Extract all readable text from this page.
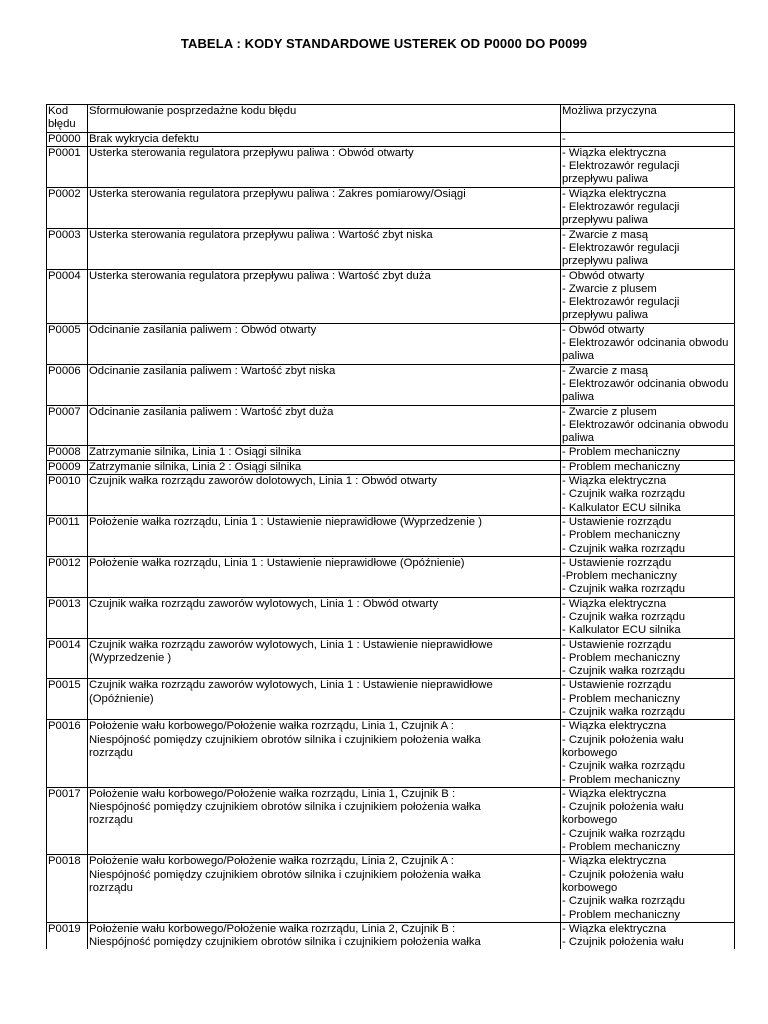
TABELA : KODY STANDARDOWE USTEREK OD P0000 DO P0099
Kod
błędu	Sformułowanie posprzedażne kodu błędu	Możliwa przyczyna
P0000	Brak wykrycia defektu	-
P0001	Usterka sterowania regulatora przepływu paliwa : Obwód otwarty	- Wiązka elektryczna
- Elektrozawór regulacji przepływu paliwa
P0002	Usterka sterowania regulatora przepływu paliwa : Zakres pomiarowy/Osiągi	- Wiązka elektryczna
- Elektrozawór regulacji przepływu paliwa
P0003	Usterka sterowania regulatora przepływu paliwa : Wartość zbyt niska	- Zwarcie z masą
- Elektrozawór regulacji przepływu paliwa
P0004	Usterka sterowania regulatora przepływu paliwa : Wartość zbyt duża	- Obwód otwarty
- Zwarcie z plusem
- Elektrozawór regulacji przepływu paliwa
P0005	Odcinanie zasilania paliwem : Obwód otwarty	- Obwód otwarty
- Elektrozawór odcinania obwodu paliwa
P0006	Odcinanie zasilania paliwem : Wartość zbyt niska	- Zwarcie z masą
- Elektrozawór odcinania obwodu paliwa
P0007	Odcinanie zasilania paliwem : Wartość zbyt duża	- Zwarcie z plusem
- Elektrozawór odcinania obwodu paliwa
P0008	Zatrzymanie silnika, Linia 1 : Osiągi silnika	- Problem mechaniczny
P0009	Zatrzymanie silnika, Linia 2 : Osiągi silnika	- Problem mechaniczny
P0010	Czujnik wałka rozrządu zaworów dolotowych, Linia 1 : Obwód otwarty	- Wiązka elektryczna
- Czujnik wałka rozrządu
- Kalkulator ECU silnika
P0011	Położenie wałka rozrządu, Linia 1 : Ustawienie nieprawidłowe (Wyprzedzenie )	- Ustawienie rozrządu
- Problem mechaniczny
- Czujnik wałka rozrządu
P0012	Położenie wałka rozrządu, Linia 1 : Ustawienie nieprawidłowe (Opóźnienie)	- Ustawienie rozrządu
-Problem mechaniczny
- Czujnik wałka rozrządu
P0013	Czujnik wałka rozrządu zaworów wylotowych, Linia 1 : Obwód otwarty	- Wiązka elektryczna
- Czujnik wałka rozrządu
- Kalkulator ECU silnika
P0014	Czujnik wałka rozrządu zaworów wylotowych, Linia 1 : Ustawienie nieprawidłowe
(Wyprzedzenie )	- Ustawienie rozrządu
- Problem mechaniczny
- Czujnik wałka rozrządu
P0015	Czujnik wałka rozrządu zaworów wylotowych, Linia 1 : Ustawienie nieprawidłowe
(Opóźnienie)	- Ustawienie rozrządu
- Problem mechaniczny
- Czujnik wałka rozrządu
P0016	Położenie wału korbowego/Położenie wałka rozrządu, Linia 1, Czujnik A :
Niespójność pomiędzy czujnikiem obrotów silnika i czujnikiem położenia wałka
rozrządu	- Wiązka elektryczna
- Czujnik położenia wału korbowego
- Czujnik wałka rozrządu
- Problem mechaniczny
P0017	Położenie wału korbowego/Położenie wałka rozrządu, Linia 1, Czujnik B :
Niespójność pomiędzy czujnikiem obrotów silnika i czujnikiem położenia wałka
rozrządu	- Wiązka elektryczna
- Czujnik położenia wału korbowego
- Czujnik wałka rozrządu
- Problem mechaniczny
P0018	Położenie wału korbowego/Położenie wałka rozrządu, Linia 2, Czujnik A :
Niespójność pomiędzy czujnikiem obrotów silnika i czujnikiem położenia wałka
rozrządu	- Wiązka elektryczna
- Czujnik położenia wału korbowego
- Czujnik wałka rozrządu
- Problem mechaniczny
P0019	Położenie wału korbowego/Położenie wałka rozrządu, Linia 2, Czujnik B :
Niespójność pomiędzy czujnikiem obrotów silnika i czujnikiem położenia wałka	- Wiązka elektryczna
- Czujnik położenia wału
